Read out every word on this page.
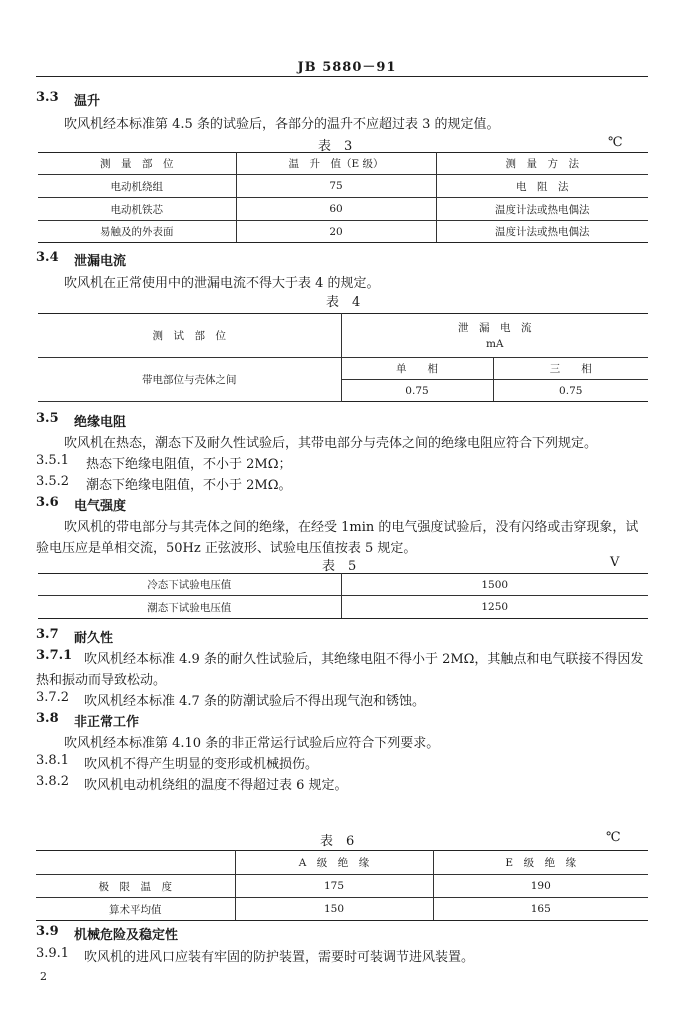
JB 5880－91
3.3 温升
吹风机经本标准第 4.5 条的试验后，各部分的温升不应超过表 3 的规定值。
表　3	℃
测　量　部　位	温　升　值（E 级）	测　量　方　法
电动机绕组	75	电　阻　法
电动机铁芯	60	温度计法或热电偶法
易触及的外表面	20	温度计法或热电偶法
3.4 泄漏电流
吹风机在正常使用中的泄漏电流不得大于表 4 的规定。
表　4
测　试　部　位	泄　漏　电　流
mA	

带电部位与壳体之间	单　　相	三　　相
	0.75	0.75
3.5 绝缘电阻
吹风机在热态，潮态下及耐久性试验后，其带电部分与壳体之间的绝缘电阻应符合下列规定。
3.5.1 热态下绝缘电阻值，不小于 2MΩ；
3.5.2 潮态下绝缘电阻值，不小于 2MΩ。
3.6 电气强度
吹风机的带电部分与其壳体之间的绝缘，在经受 1min 的电气强度试验后，没有闪络或击穿现象，试
验电压应是单相交流，50Hz 正弦波形、试验电压值按表 5 规定。
表　5	V
冷态下试验电压值	1500
潮态下试验电压值	1250
3.7 耐久性
3.7.1 吹风机经本标准 4.9 条的耐久性试验后，其绝缘电阻不得小于 2MΩ，其触点和电气联接不得因发
热和振动而导致松动。
3.7.2 吹风机经本标准 4.7 条的防潮试验后不得出现气泡和锈蚀。
3.8 非正常工作
吹风机经本标准第 4.10 条的非正常运行试验后应符合下列要求。
3.8.1 吹风机不得产生明显的变形或机械损伤。
3.8.2 吹风机电动机绕组的温度不得超过表 6 规定。
表　6	℃
	A　级　绝　缘	E　级　绝　缘
极　限　温　度	175	190
算术平均值	150	165
3.9 机械危险及稳定性
3.9.1 吹风机的进风口应装有牢固的防护装置，需要时可装调节进风装置。
2
